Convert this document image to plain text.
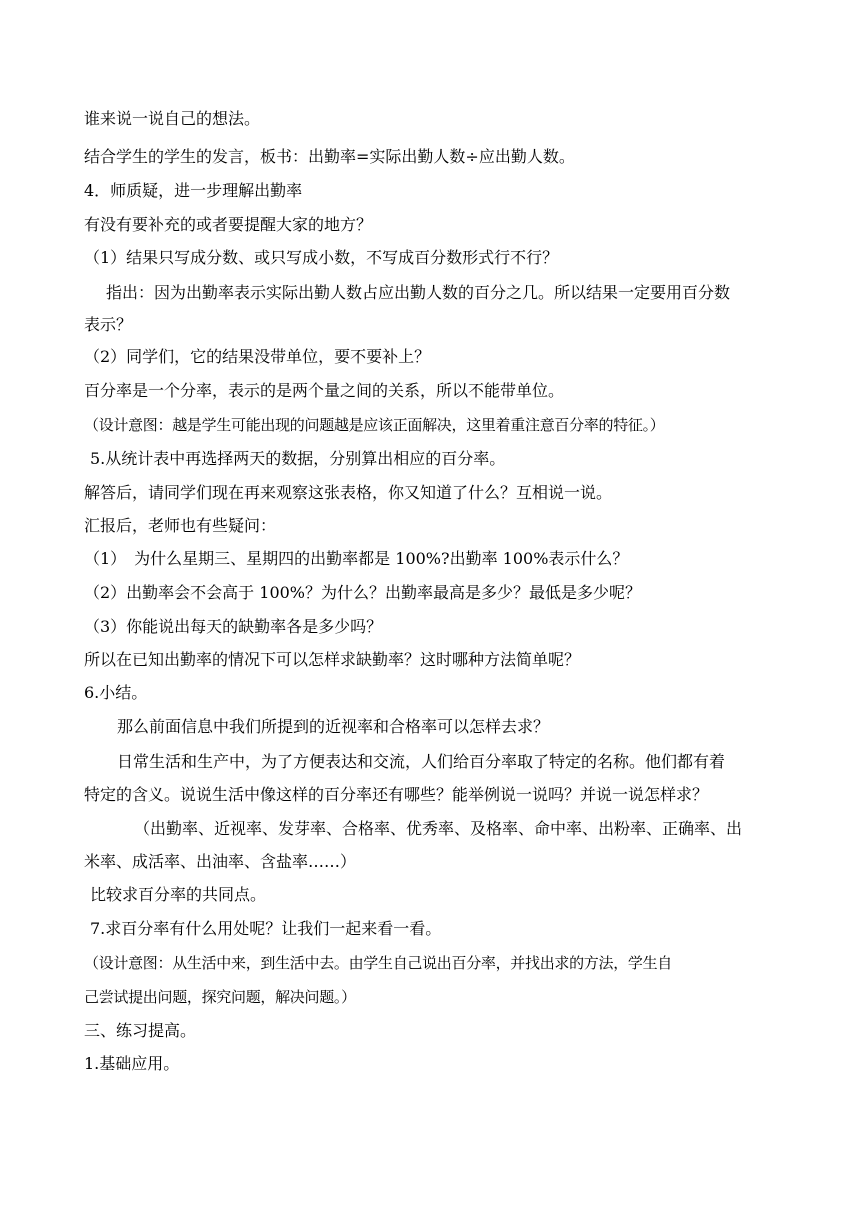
谁来说一说自己的想法。
结合学生的学生的发言，板书：出勤率=实际出勤人数÷应出勤人数。
4．师质疑，进一步理解出勤率
有没有要补充的或者要提醒大家的地方？
（1）结果只写成分数、或只写成小数，不写成百分数形式行不行？
指出：因为出勤率表示实际出勤人数占应出勤人数的百分之几。所以结果一定要用百分数
表示？
（2）同学们，它的结果没带单位，要不要补上？
百分率是一个分率，表示的是两个量之间的关系，所以不能带单位。
（设计意图：越是学生可能出现的问题越是应该正面解决，这里着重注意百分率的特征。）
5.从统计表中再选择两天的数据，分别算出相应的百分率。
解答后，请同学们现在再来观察这张表格，你又知道了什么？互相说一说。
汇报后，老师也有些疑问：
（1）　为什么星期三、星期四的出勤率都是 100%?出勤率 100%表示什么？
（2）出勤率会不会高于 100%？为什么？出勤率最高是多少？最低是多少呢？
（3）你能说出每天的缺勤率各是多少吗？
所以在已知出勤率的情况下可以怎样求缺勤率？这时哪种方法简单呢？
6.小结。
那么前面信息中我们所提到的近视率和合格率可以怎样去求？
日常生活和生产中，为了方便表达和交流，人们给百分率取了特定的名称。他们都有着
特定的含义。说说生活中像这样的百分率还有哪些？能举例说一说吗？并说一说怎样求？
（出勤率、近视率、发芽率、合格率、优秀率、及格率、命中率、出粉率、正确率、出
米率、成活率、出油率、含盐率……）
比较求百分率的共同点。
7.求百分率有什么用处呢？让我们一起来看一看。
（设计意图：从生活中来，到生活中去。由学生自己说出百分率，并找出求的方法，学生自
己尝试提出问题，探究问题，解决问题。）
三、练习提高。
1.基础应用。
